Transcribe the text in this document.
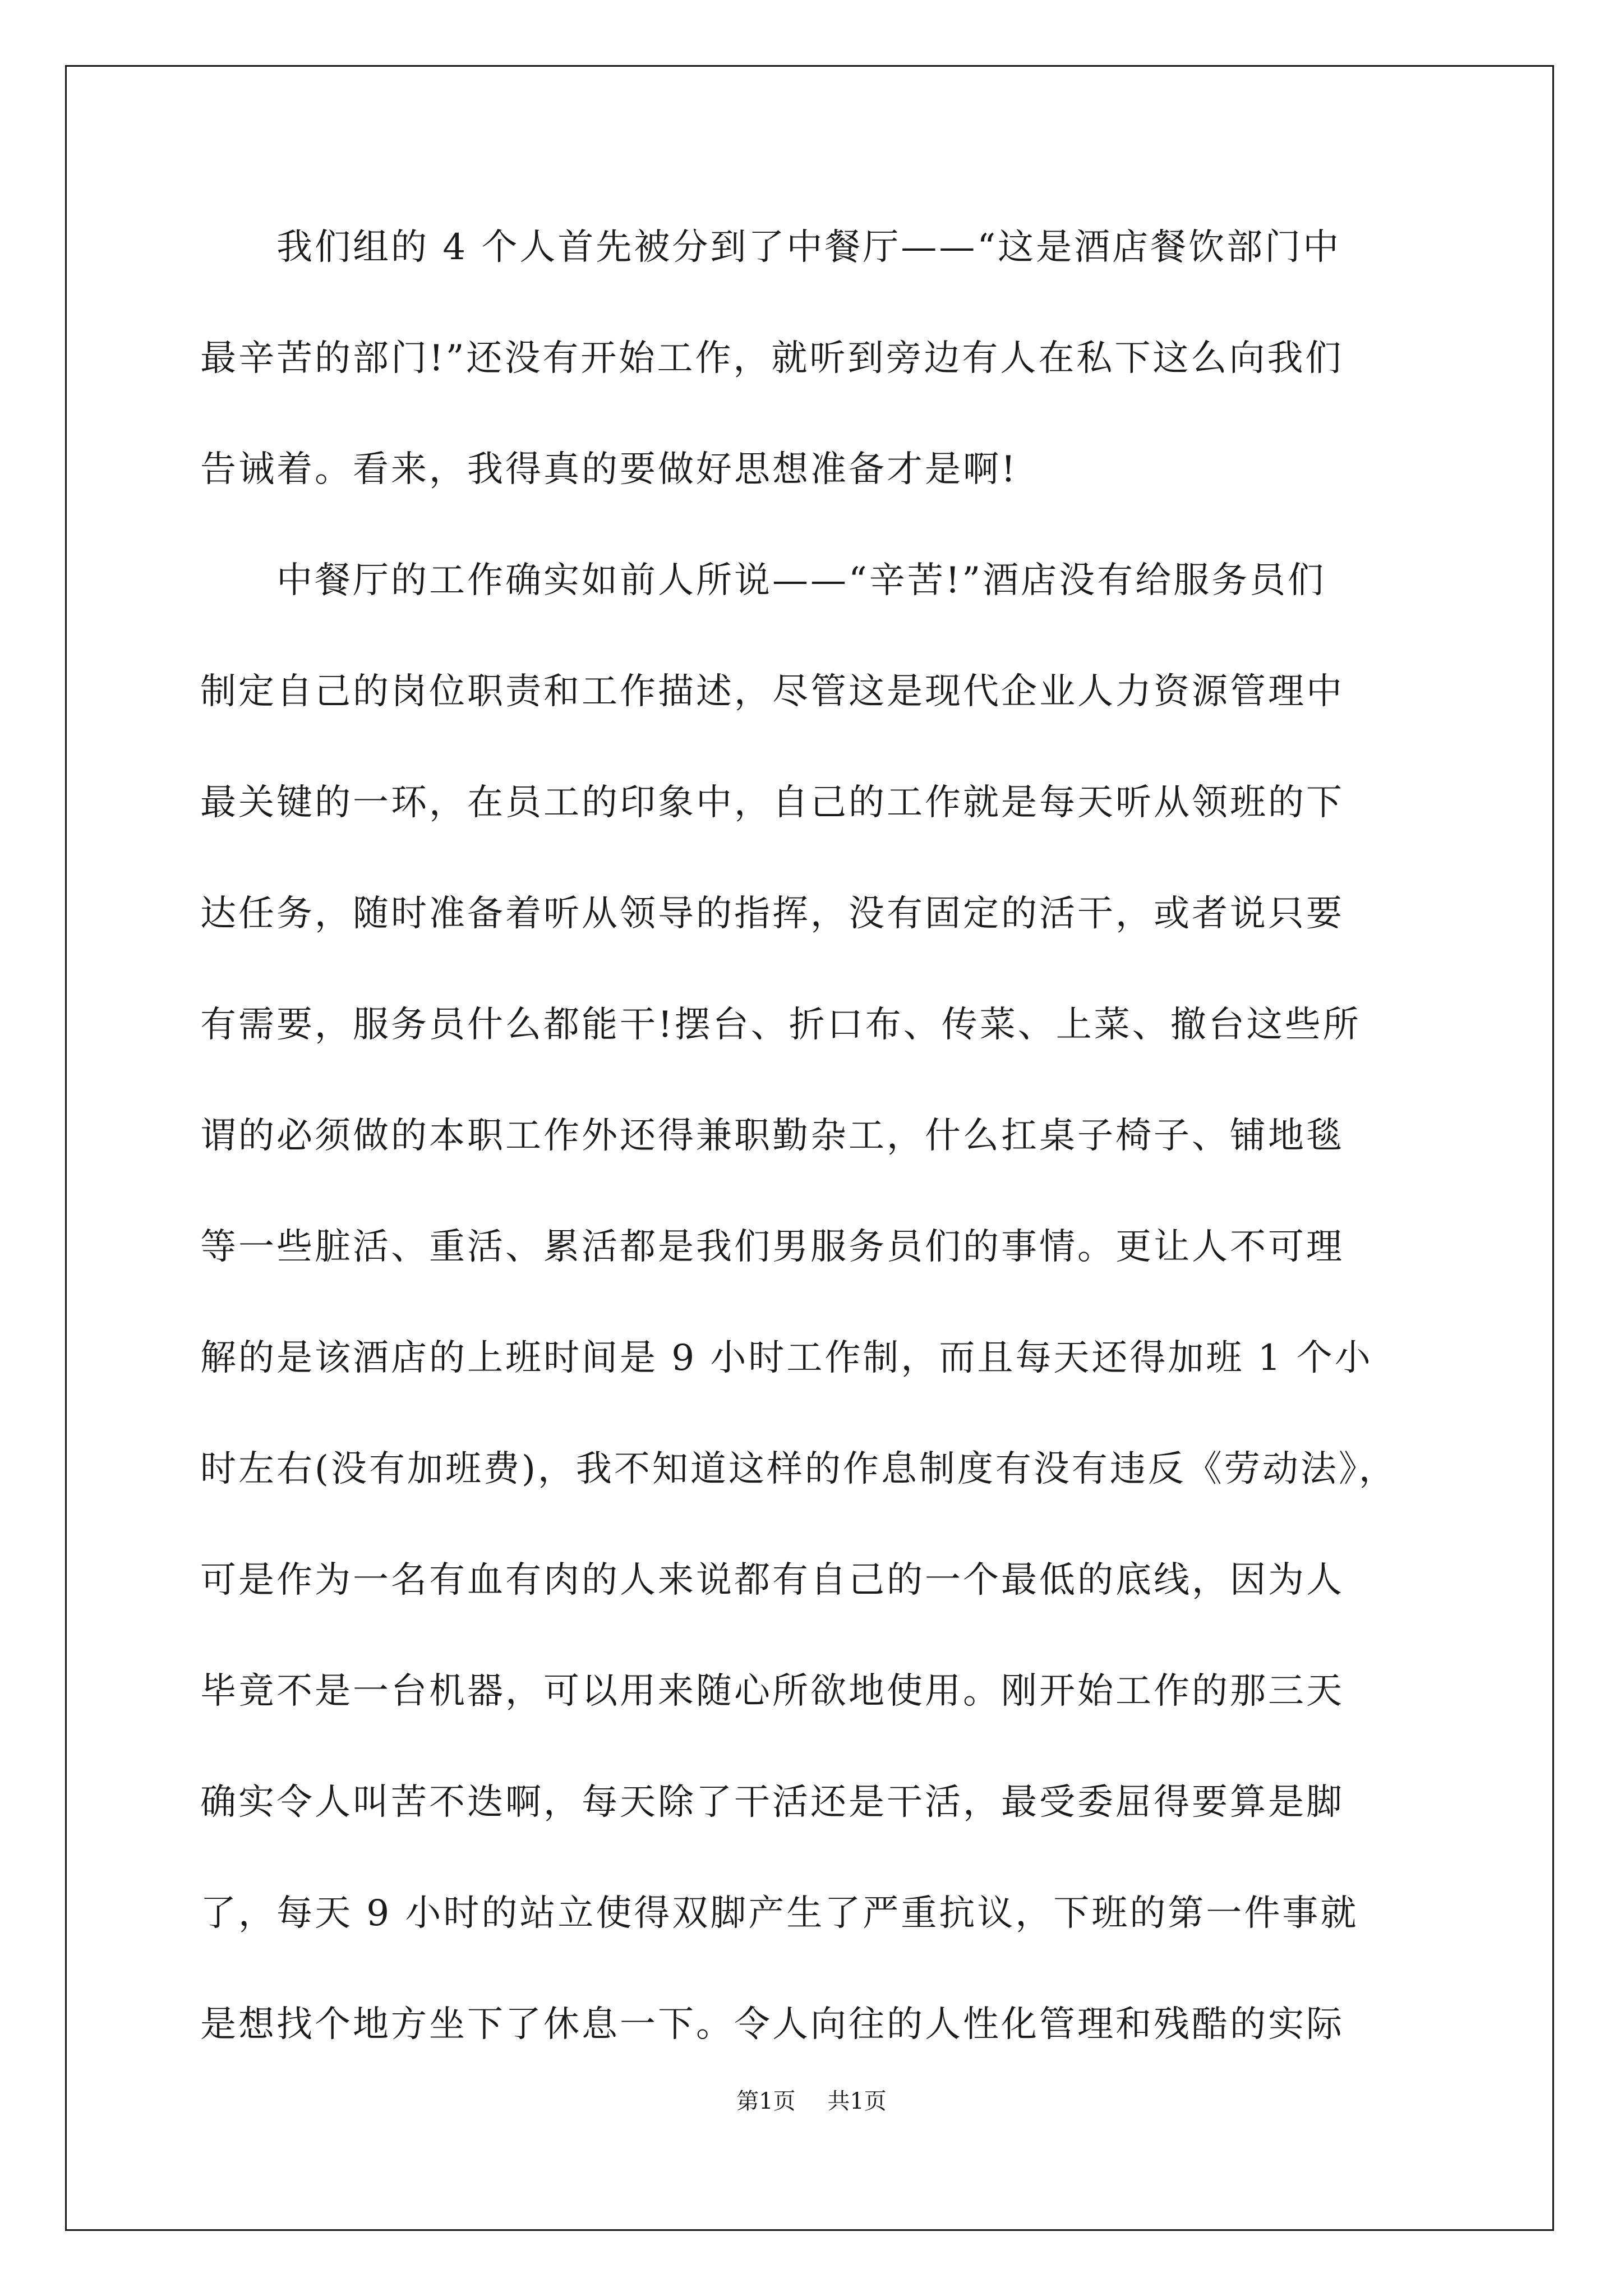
　　我们组的 4 个人首先被分到了中餐厅——“这是酒店餐饮部门中
最辛苦的部门!”还没有开始工作，就听到旁边有人在私下这么向我们
告诫着。看来，我得真的要做好思想准备才是啊!
　　中餐厅的工作确实如前人所说——“辛苦!”酒店没有给服务员们
制定自己的岗位职责和工作描述，尽管这是现代企业人力资源管理中
最关键的一环，在员工的印象中，自己的工作就是每天听从领班的下
达任务，随时准备着听从领导的指挥，没有固定的活干，或者说只要
有需要，服务员什么都能干!摆台、折口布、传菜、上菜、撤台这些所
谓的必须做的本职工作外还得兼职勤杂工，什么扛桌子椅子、铺地毯
等一些脏活、重活、累活都是我们男服务员们的事情。更让人不可理
解的是该酒店的上班时间是 9 小时工作制，而且每天还得加班 1 个小
时左右(没有加班费)，我不知道这样的作息制度有没有违反《劳动法》，
可是作为一名有血有肉的人来说都有自己的一个最低的底线，因为人
毕竟不是一台机器，可以用来随心所欲地使用。刚开始工作的那三天
确实令人叫苦不迭啊，每天除了干活还是干活，最受委屈得要算是脚
了，每天 9 小时的站立使得双脚产生了严重抗议，下班的第一件事就
是想找个地方坐下了休息一下。令人向往的人性化管理和残酷的实际
第1页 共1页
